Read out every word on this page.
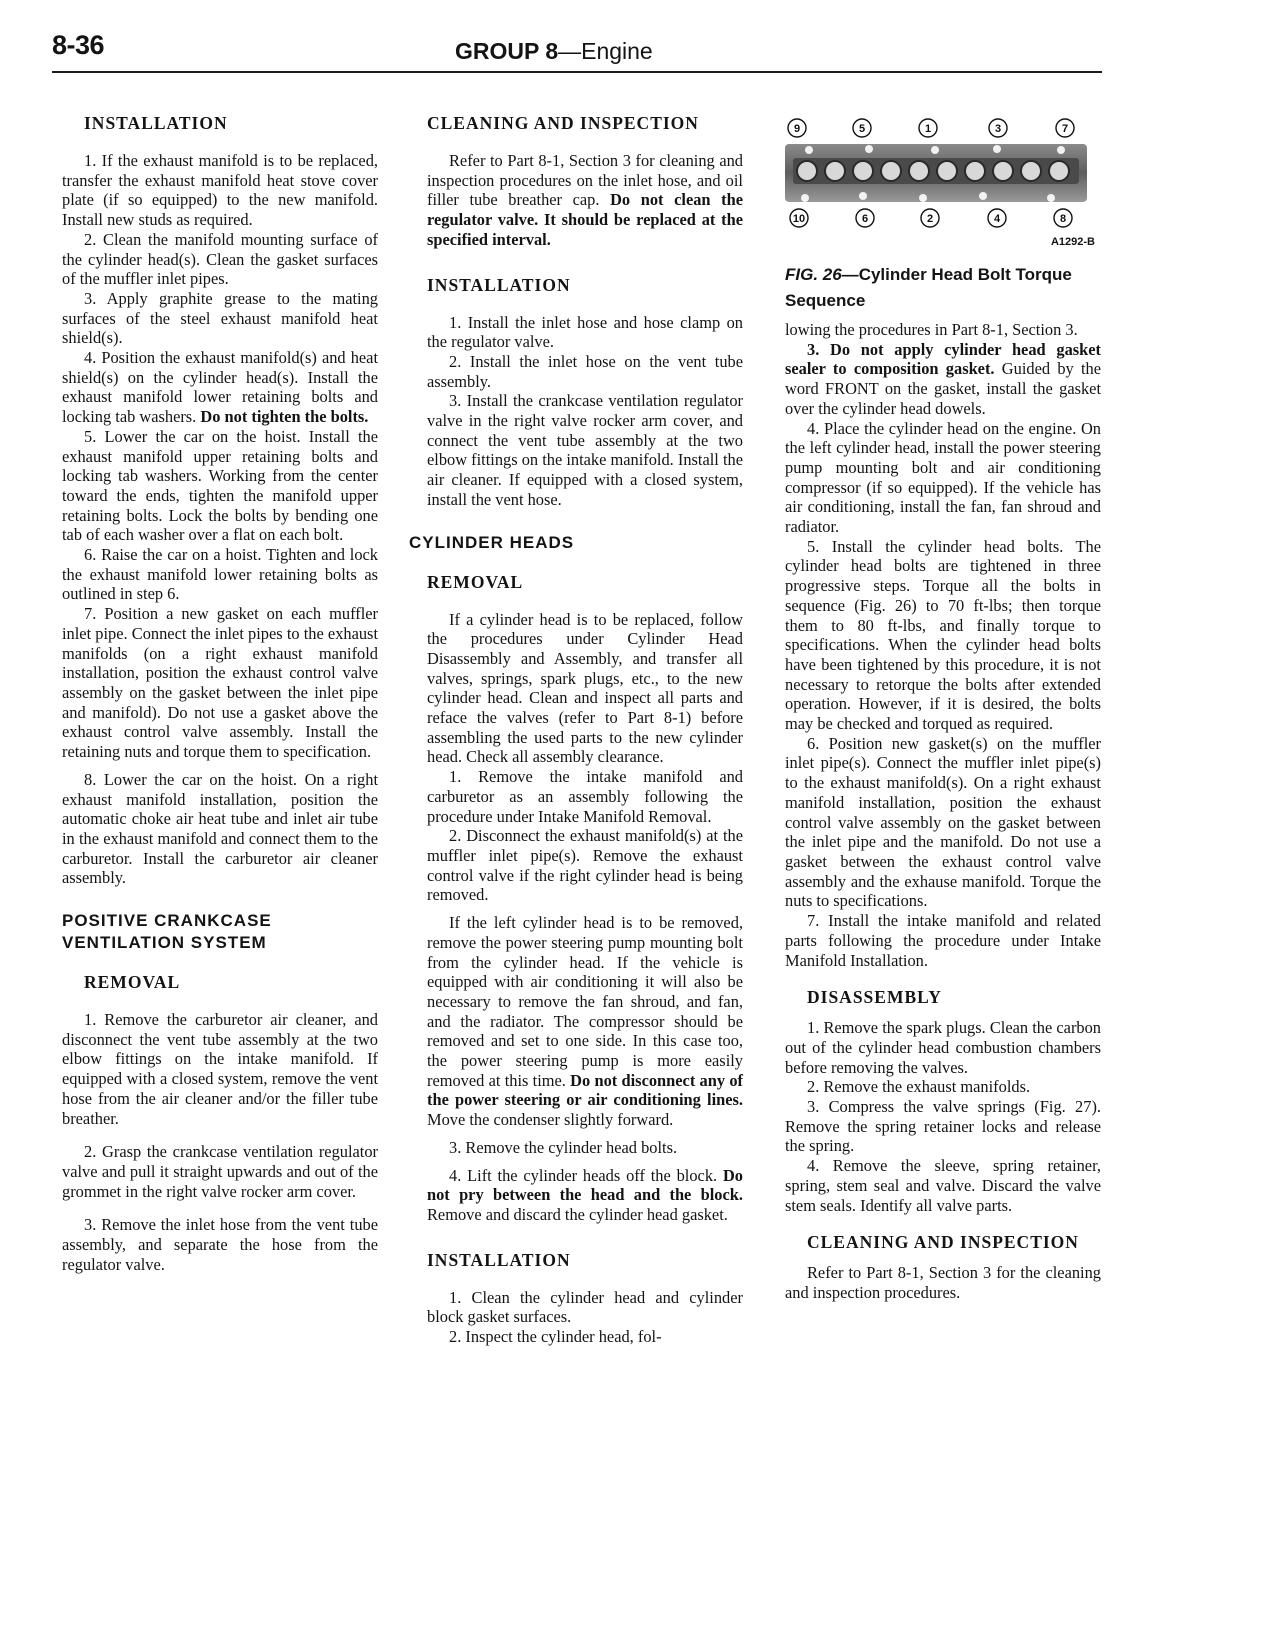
8-36	GROUP 8—Engine
INSTALLATION

1. If the exhaust manifold is to be replaced, transfer the exhaust manifold heat stove cover plate (if so equipped) to the new manifold. Install new studs as required.

2. Clean the manifold mounting surface of the cylinder head(s). Clean the gasket surfaces of the muffler inlet pipes.

3. Apply graphite grease to the mating surfaces of the steel exhaust manifold heat shield(s).

4. Position the exhaust manifold(s) and heat shield(s) on the cylinder head(s). Install the exhaust manifold lower retaining bolts and locking tab washers. Do not tighten the bolts.

5. Lower the car on the hoist. Install the exhaust manifold upper retaining bolts and locking tab washers. Working from the center toward the ends, tighten the manifold upper retaining bolts. Lock the bolts by bending one tab of each washer over a flat on each bolt.

6. Raise the car on a hoist. Tighten and lock the exhaust manifold lower retaining bolts as outlined in step 6.

7. Position a new gasket on each muffler inlet pipe. Connect the inlet pipes to the exhaust manifolds (on a right exhaust manifold installation, position the exhaust control valve assembly on the gasket between the inlet pipe and manifold). Do not use a gasket above the exhaust control valve assembly. Install the retaining nuts and torque them to specification.

8. Lower the car on the hoist. On a right exhaust manifold installation, position the automatic choke air heat tube and inlet air tube in the exhaust manifold and connect them to the carburetor. Install the carburetor air cleaner assembly.

POSITIVE CRANKCASE
VENTILATION SYSTEM
REMOVAL

1. Remove the carburetor air cleaner, and disconnect the vent tube assembly at the two elbow fittings on the intake manifold. If equipped with a closed system, remove the vent hose from the air cleaner and/or the filler tube breather.

2. Grasp the crankcase ventilation regulator valve and pull it straight upwards and out of the grommet in the right valve rocker arm cover.

3. Remove the inlet hose from the vent tube assembly, and separate the hose from the regulator valve.

CLEANING AND INSPECTION

Refer to Part 8-1, Section 3 for cleaning and inspection procedures on the inlet hose, and oil filler tube breather cap. Do not clean the regulator valve. It should be replaced at the specified interval.

INSTALLATION

1. Install the inlet hose and hose clamp on the regulator valve.

2. Install the inlet hose on the vent tube assembly.

3. Install the crankcase ventilation regulator valve in the right valve rocker arm cover, and connect the vent tube assembly at the two elbow fittings on the intake manifold. Install the air cleaner. If equipped with a closed system, install the vent hose.

CYLINDER HEADS
REMOVAL

If a cylinder head is to be replaced, follow the procedures under Cylinder Head Disassembly and Assembly, and transfer all valves, springs, spark plugs, etc., to the new cylinder head. Clean and inspect all parts and reface the valves (refer to Part 8-1) before assembling the used parts to the new cylinder head. Check all assembly clearance.

1. Remove the intake manifold and carburetor as an assembly following the procedure under Intake Manifold Removal.

2. Disconnect the exhaust manifold(s) at the muffler inlet pipe(s). Remove the exhaust control valve if the right cylinder head is being removed.

If the left cylinder head is to be removed, remove the power steering pump mounting bolt from the cylinder head. If the vehicle is equipped with air conditioning it will also be necessary to remove the fan shroud, and fan, and the radiator. The compressor should be removed and set to one side. In this case too, the power steering pump is more easily removed at this time. Do not disconnect any of the power steering or air conditioning lines. Move the condenser slightly forward.

3. Remove the cylinder head bolts.

4. Lift the cylinder heads off the block. Do not pry between the head and the block. Remove and discard the cylinder head gasket.

INSTALLATION

1. Clean the cylinder head and cylinder block gasket surfaces.

2. Inspect the cylinder head, fol-

9	5	1	3	7
10	6	2	4	8
A1292-B
FIG. 26—Cylinder Head Bolt Torque Sequence

lowing the procedures in Part 8-1, Section 3.

3. Do not apply cylinder head gasket sealer to composition gasket. Guided by the word FRONT on the gasket, install the gasket over the cylinder head dowels.

4. Place the cylinder head on the engine. On the left cylinder head, install the power steering pump mounting bolt and air conditioning compressor (if so equipped). If the vehicle has air conditioning, install the fan, fan shroud and radiator.

5. Install the cylinder head bolts. The cylinder head bolts are tightened in three progressive steps. Torque all the bolts in sequence (Fig. 26) to 70 ft-lbs; then torque them to 80 ft-lbs, and finally torque to specifications. When the cylinder head bolts have been tightened by this procedure, it is not necessary to retorque the bolts after extended operation. However, if it is desired, the bolts may be checked and torqued as required.

6. Position new gasket(s) on the muffler inlet pipe(s). Connect the muffler inlet pipe(s) to the exhaust manifold(s). On a right exhaust manifold installation, position the exhaust control valve assembly on the gasket between the inlet pipe and the manifold. Do not use a gasket between the exhaust control valve assembly and the exhause manifold. Torque the nuts to specifications.

7. Install the intake manifold and related parts following the procedure under Intake Manifold Installation.

DISASSEMBLY

1. Remove the spark plugs. Clean the carbon out of the cylinder head combustion chambers before removing the valves.

2. Remove the exhaust manifolds.

3. Compress the valve springs (Fig. 27). Remove the spring retainer locks and release the spring.

4. Remove the sleeve, spring retainer, spring, stem seal and valve. Discard the valve stem seals. Identify all valve parts.

CLEANING AND INSPECTION

Refer to Part 8-1, Section 3 for the cleaning and inspection procedures.
